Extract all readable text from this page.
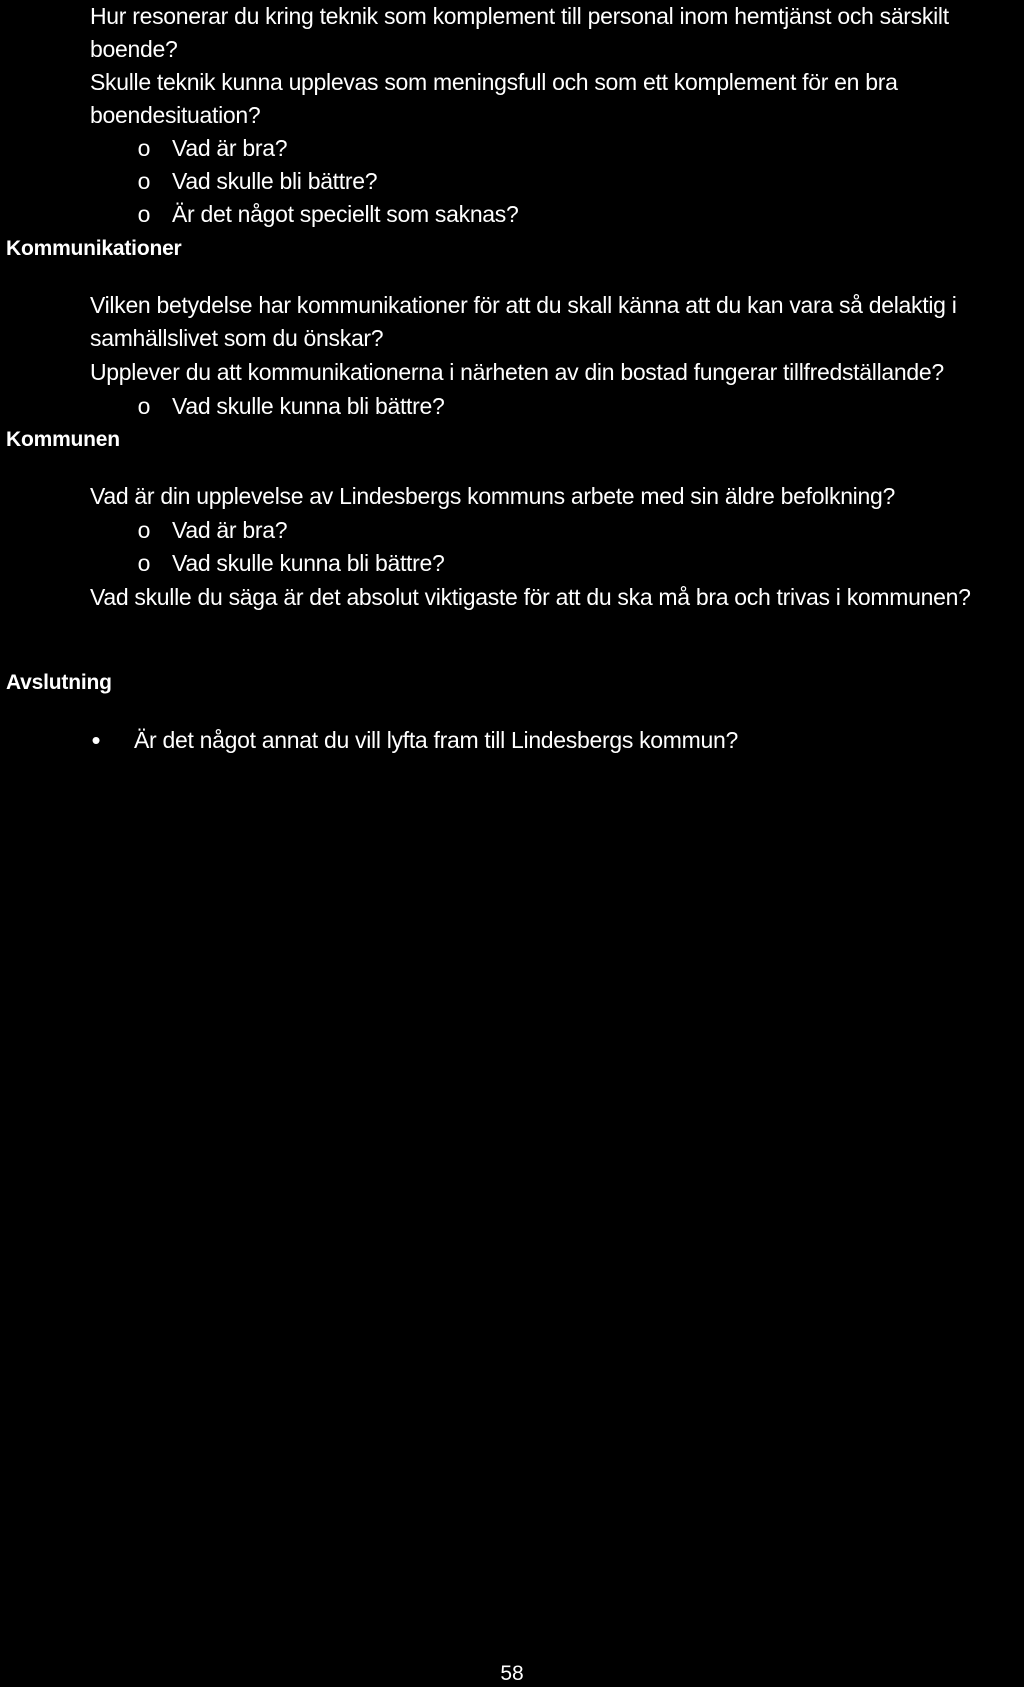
Hur resonerar du kring teknik som komplement till personal inom hemtjänst och särskilt
boende?
Skulle teknik kunna upplevas som meningsfull och som ett komplement för en bra
boendesituation?
o Vad är bra?
o Vad skulle bli bättre?
o Är det något speciellt som saknas?
Kommunikationer
Vilken betydelse har kommunikationer för att du skall känna att du kan vara så delaktig i
samhällslivet som du önskar?
Upplever du att kommunikationerna i närheten av din bostad fungerar tillfredställande?
o Vad skulle kunna bli bättre?
Kommunen
Vad är din upplevelse av Lindesbergs kommuns arbete med sin äldre befolkning?
o Vad är bra?
o Vad skulle kunna bli bättre?
Vad skulle du säga är det absolut viktigaste för att du ska må bra och trivas i kommunen?
Avslutning
• Är det något annat du vill lyfta fram till Lindesbergs kommun?
58
